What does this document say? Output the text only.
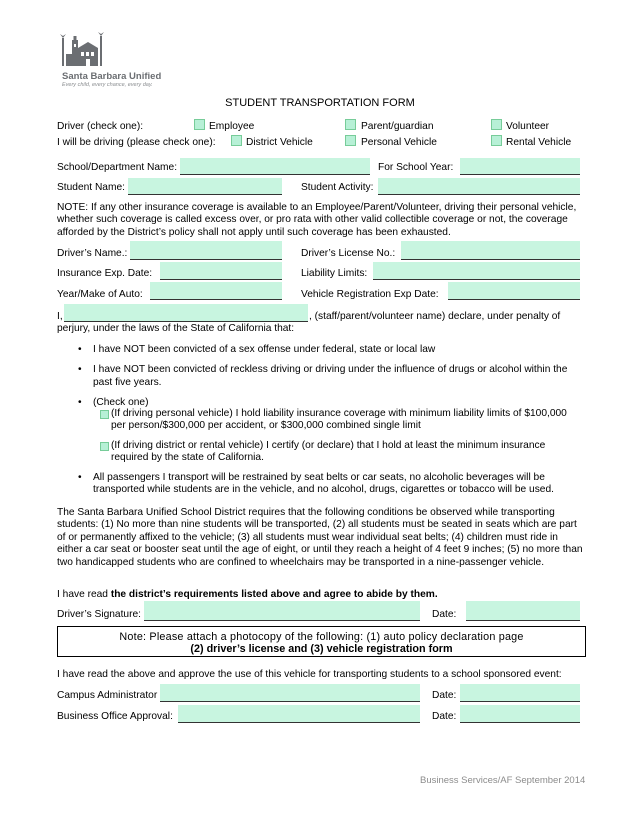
Santa Barbara Unified
Every child, every chance, every day.
STUDENT TRANSPORTATION FORM
Driver (check one):	Employee	Parent/guardian	Volunteer
I will be driving (please check one):	District Vehicle	Personal Vehicle	Rental Vehicle
School/Department Name:	For School Year:
Student Name:	Student Activity:
NOTE: If any other insurance coverage is available to an Employee/Parent/Volunteer, driving their personal vehicle, whether such coverage is called excess over, or pro rata with other valid collectible coverage or not, the coverage afforded by the District’s policy shall not apply until such coverage has been exhausted.
Driver’s Name.:	Driver’s License No.:
Insurance Exp. Date:	Liability Limits:
Year/Make of Auto:	Vehicle Registration Exp Date:
I,	, (staff/parent/volunteer name) declare, under penalty of
perjury, under the laws of the State of California that:
• I have NOT been convicted of a sex offense under federal, state or local law
• I have NOT been convicted of reckless driving or driving under the influence of drugs or alcohol within the past five years.
• (Check one)
(If driving personal vehicle) I hold liability insurance coverage with minimum liability limits of $100,000 per person/$300,000 per accident, or $300,000 combined single limit
(If driving district or rental vehicle) I certify (or declare) that I hold at least the minimum insurance required by the state of California.
• All passengers I transport will be restrained by seat belts or car seats, no alcoholic beverages will be transported while students are in the vehicle, and no alcohol, drugs, cigarettes or tobacco will be used.
The Santa Barbara Unified School District requires that the following conditions be observed while transporting students: (1) No more than nine students will be transported, (2) all students must be seated in seats which are part of or permanently affixed to the vehicle; (3) all students must wear individual seat belts; (4) children must ride in either a car seat or booster seat until the age of eight, or until they reach a height of 4 feet 9 inches; (5) no more than two handicapped students who are confined to wheelchairs may be transported in a nine-passenger vehicle.
I have read the district’s requirements listed above and agree to abide by them.
Driver’s Signature:	Date:
Note: Please attach a photocopy of the following: (1) auto policy declaration page
(2) driver’s license and (3) vehicle registration form
I have read the above and approve the use of this vehicle for transporting students to a school sponsored event:
Campus Administrator	Date:
Business Office Approval:	Date:
Business Services/AF September 2014
